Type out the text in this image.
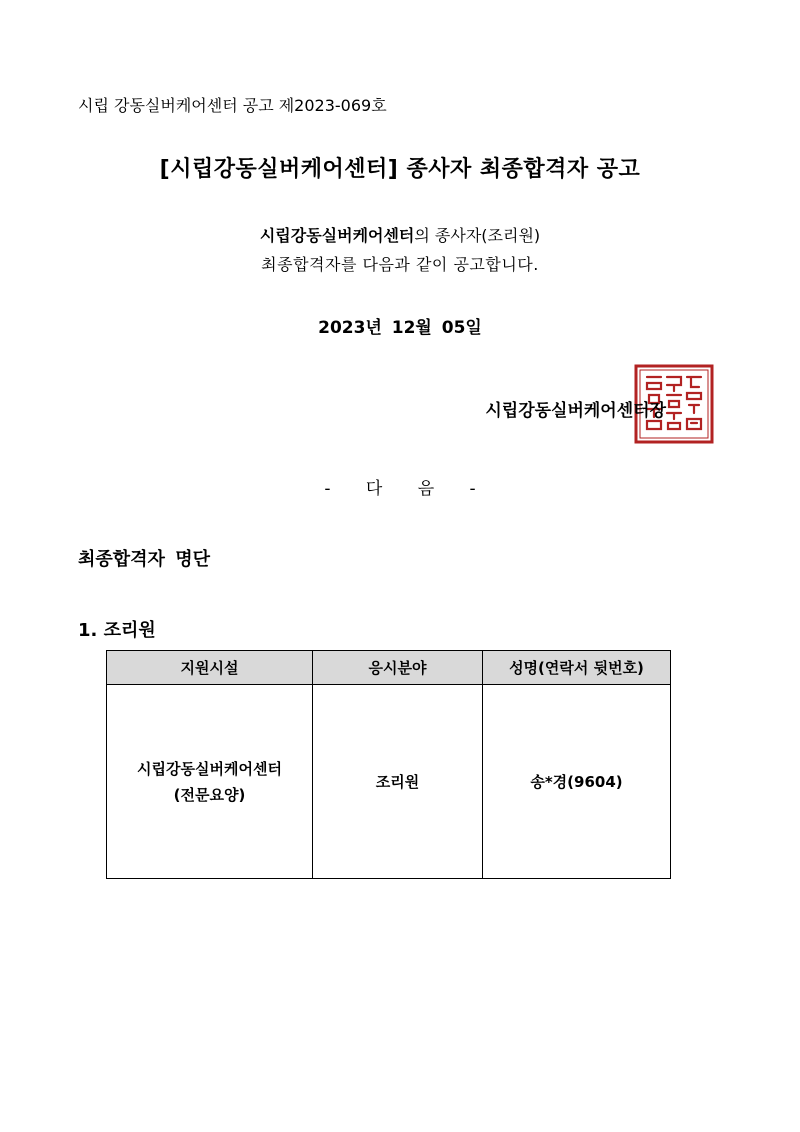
시립 강동실버케어센터 공고 제2023-069호
[시립강동실버케어센터] 종사자 최종합격자 공고
시립강동실버케어센터의 종사자(조리원)
최종합격자를 다음과 같이 공고합니다.
2023년 12월 05일
시립강동실버케어센터장
- 다 음 -
최종합격자 명단
1. 조리원
지원시설	응시분야	성명(연락서 뒷번호)

시립강동실버케어센터
(전문요양)	조리원	송*경(9604)
